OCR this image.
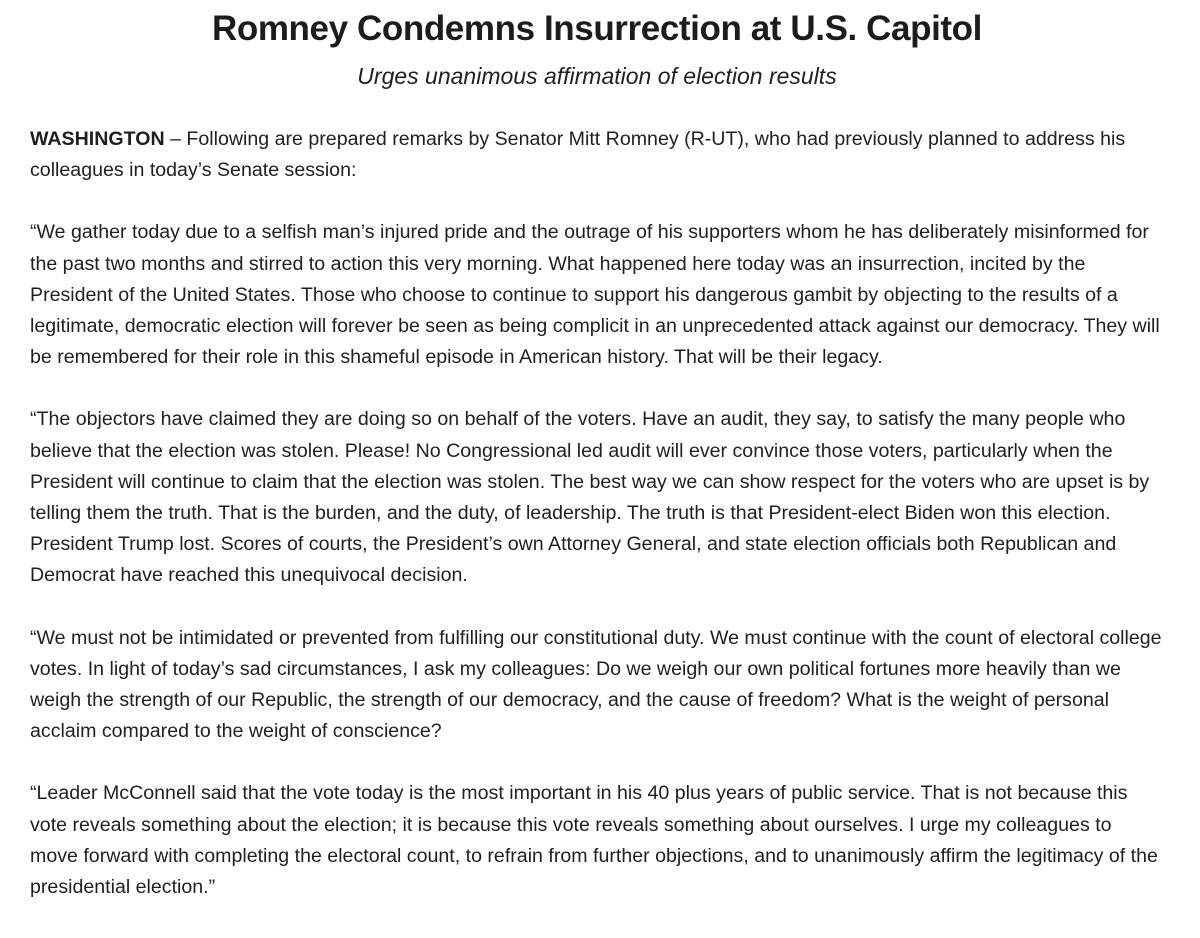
Romney Condemns Insurrection at U.S. Capitol
Urges unanimous affirmation of election results

WASHINGTON – Following are prepared remarks by Senator Mitt Romney (R-UT), who had previously planned to address his colleagues in today’s Senate session:

“We gather today due to a selfish man’s injured pride and the outrage of his supporters whom he has deliberately misinformed for the past two months and stirred to action this very morning. What happened here today was an insurrection, incited by the President of the United States. Those who choose to continue to support his dangerous gambit by objecting to the results of a legitimate, democratic election will forever be seen as being complicit in an unprecedented attack against our democracy. They will be remembered for their role in this shameful episode in American history. That will be their legacy.

“The objectors have claimed they are doing so on behalf of the voters. Have an audit, they say, to satisfy the many people who believe that the election was stolen. Please! No Congressional led audit will ever convince those voters, particularly when the President will continue to claim that the election was stolen. The best way we can show respect for the voters who are upset is by telling them the truth. That is the burden, and the duty, of leadership. The truth is that President-elect Biden won this election. President Trump lost. Scores of courts, the President’s own Attorney General, and state election officials both Republican and Democrat have reached this unequivocal decision.

“We must not be intimidated or prevented from fulfilling our constitutional duty. We must continue with the count of electoral college votes. In light of today’s sad circumstances, I ask my colleagues: Do we weigh our own political fortunes more heavily than we weigh the strength of our Republic, the strength of our democracy, and the cause of freedom? What is the weight of personal acclaim compared to the weight of conscience?

“Leader McConnell said that the vote today is the most important in his 40 plus years of public service. That is not because this vote reveals something about the election; it is because this vote reveals something about ourselves. I urge my colleagues to move forward with completing the electoral count, to refrain from further objections, and to unanimously affirm the legitimacy of the presidential election.”
